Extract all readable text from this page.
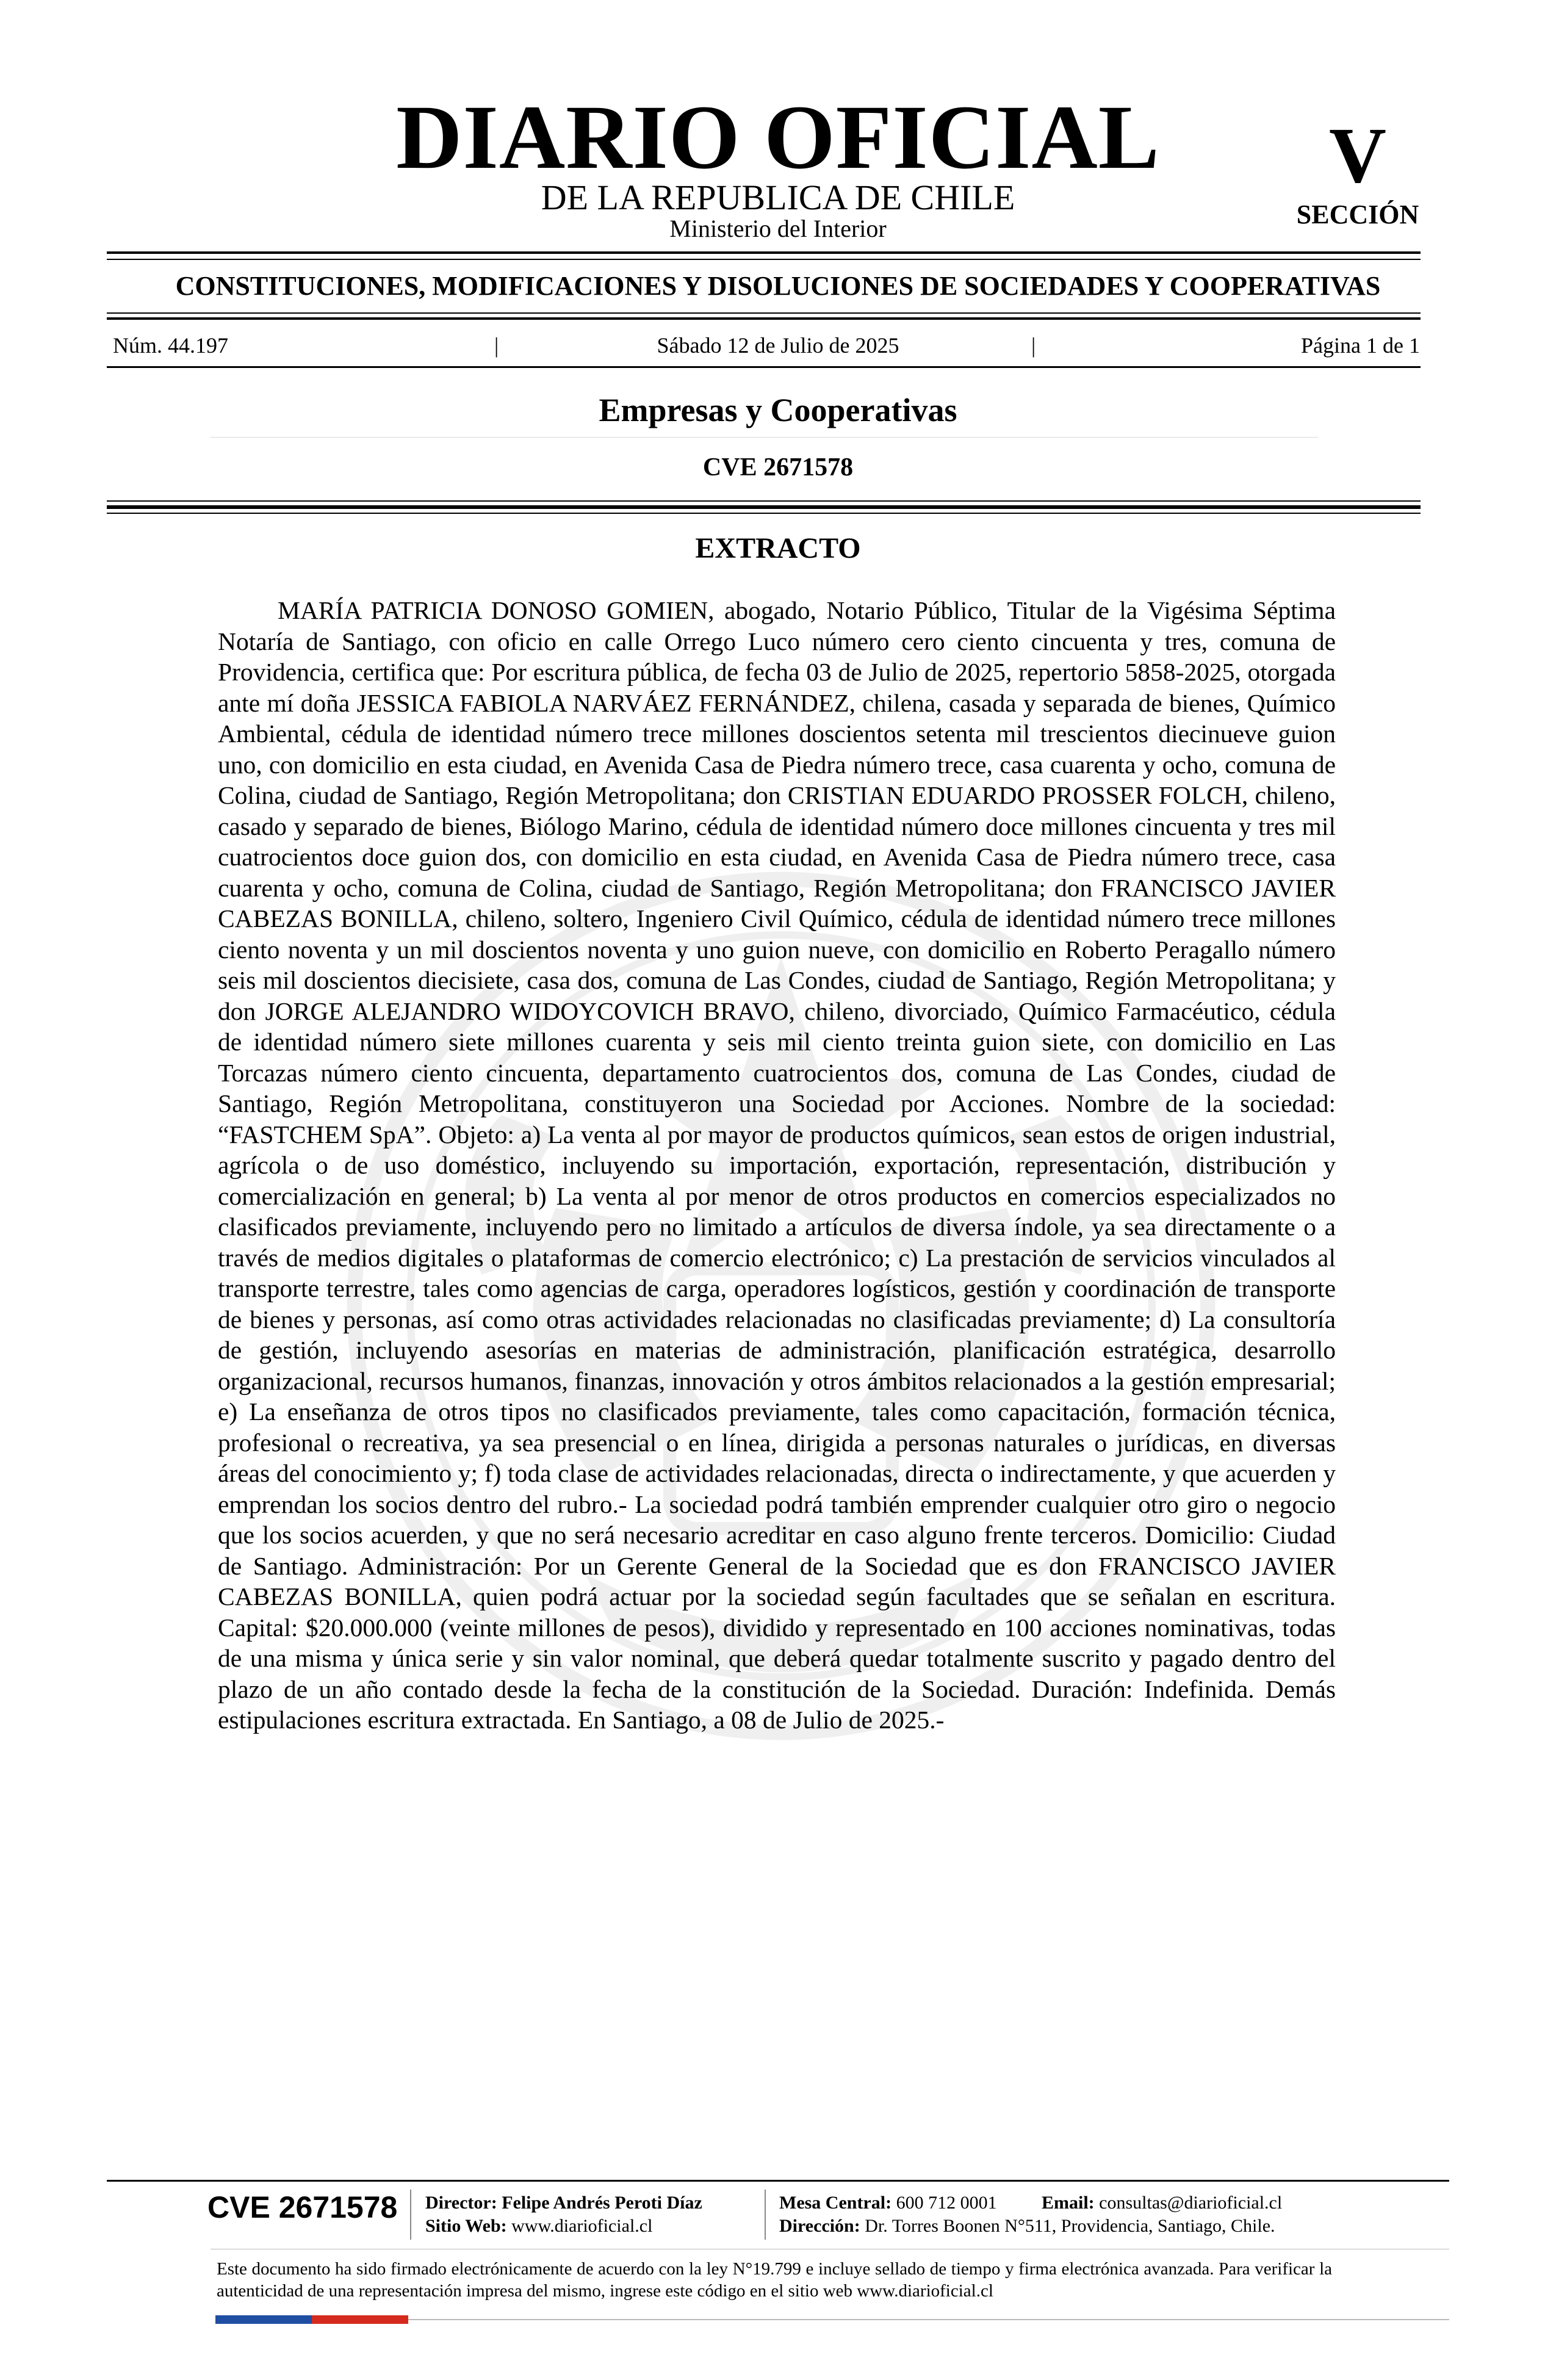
DIARIO OFICIAL
DE LA REPUBLICA DE CHILE
Ministerio del Interior
V
SECCIÓN
CONSTITUCIONES, MODIFICACIONES Y DISOLUCIONES DE SOCIEDADES Y COOPERATIVAS
Núm. 44.197	|	Sábado 12 de Julio de 2025	|	Página 1 de 1
Empresas y Cooperativas
CVE 2671578
EXTRACTO

MARÍA PATRICIA DONOSO GOMIEN, abogado, Notario Público, Titular de la Vigésima Séptima Notaría de Santiago, con oficio en calle Orrego Luco número cero ciento cincuenta y tres, comuna de Providencia, certifica que: Por escritura pública, de fecha 03 de Julio de 2025, repertorio 5858-2025, otorgada ante mí doña JESSICA FABIOLA NARVÁEZ FERNÁNDEZ, chilena, casada y separada de bienes, Químico Ambiental, cédula de identidad número trece millones doscientos setenta mil trescientos diecinueve guion uno, con domicilio en esta ciudad, en Avenida Casa de Piedra número trece, casa cuarenta y ocho, comuna de Colina, ciudad de Santiago, Región Metropolitana; don CRISTIAN EDUARDO PROSSER FOLCH, chileno, casado y separado de bienes, Biólogo Marino, cédula de identidad número doce millones cincuenta y tres mil cuatrocientos doce guion dos, con domicilio en esta ciudad, en Avenida Casa de Piedra número trece, casa cuarenta y ocho, comuna de Colina, ciudad de Santiago, Región Metropolitana; don FRANCISCO JAVIER CABEZAS BONILLA, chileno, soltero, Ingeniero Civil Químico, cédula de identidad número trece millones ciento noventa y un mil doscientos noventa y uno guion nueve, con domicilio en Roberto Peragallo número seis mil doscientos diecisiete, casa dos, comuna de Las Condes, ciudad de Santiago, Región Metropolitana; y don JORGE ALEJANDRO WIDOYCOVICH BRAVO, chileno, divorciado, Químico Farmacéutico, cédula de identidad número siete millones cuarenta y seis mil ciento treinta guion siete, con domicilio en Las Torcazas número ciento cincuenta, departamento cuatrocientos dos, comuna de Las Condes, ciudad de Santiago, Región Metropolitana, constituyeron una Sociedad por Acciones. Nombre de la sociedad: “FASTCHEM SpA”. Objeto: a) La venta al por mayor de productos químicos, sean estos de origen industrial, agrícola o de uso doméstico, incluyendo su importación, exportación, representación, distribución y comercialización en general; b) La venta al por menor de otros productos en comercios especializados no clasificados previamente, incluyendo pero no limitado a artículos de diversa índole, ya sea directamente o a través de medios digitales o plataformas de comercio electrónico; c) La prestación de servicios vinculados al transporte terrestre, tales como agencias de carga, operadores logísticos, gestión y coordinación de transporte de bienes y personas, así como otras actividades relacionadas no clasificadas previamente; d) La consultoría de gestión, incluyendo asesorías en materias de administración, planificación estratégica, desarrollo organizacional, recursos humanos, finanzas, innovación y otros ámbitos relacionados a la gestión empresarial; e) La enseñanza de otros tipos no clasificados previamente, tales como capacitación, formación técnica, profesional o recreativa, ya sea presencial o en línea, dirigida a personas naturales o jurídicas, en diversas áreas del conocimiento y; f) toda clase de actividades relacionadas, directa o indirectamente, y que acuerden y emprendan los socios dentro del rubro.- La sociedad podrá también emprender cualquier otro giro o negocio que los socios acuerden, y que no será necesario acreditar en caso alguno frente terceros. Domicilio: Ciudad de Santiago. Administración: Por un Gerente General de la Sociedad que es don FRANCISCO JAVIER CABEZAS BONILLA, quien podrá actuar por la sociedad según facultades que se señalan en escritura. Capital: $20.000.000 (veinte millones de pesos), dividido y representado en 100 acciones nominativas, todas de una misma y única serie y sin valor nominal, que deberá quedar totalmente suscrito y pagado dentro del plazo de un año contado desde la fecha de la constitución de la Sociedad. Duración: Indefinida. Demás estipulaciones escritura extractada. En Santiago, a 08 de Julio de 2025.-

CVE 2671578 Director: Felipe Andrés Peroti Díaz
Sitio Web: www.diarioficial.cl
Mesa Central: 600 712 0001 Email: consultas@diarioficial.cl
Dirección: Dr. Torres Boonen N°511, Providencia, Santiago, Chile.

Este documento ha sido firmado electrónicamente de acuerdo con la ley N°19.799 e incluye sellado de tiempo y firma electrónica avanzada. Para verificar la autenticidad de una representación impresa del mismo, ingrese este código en el sitio web www.diarioficial.cl
